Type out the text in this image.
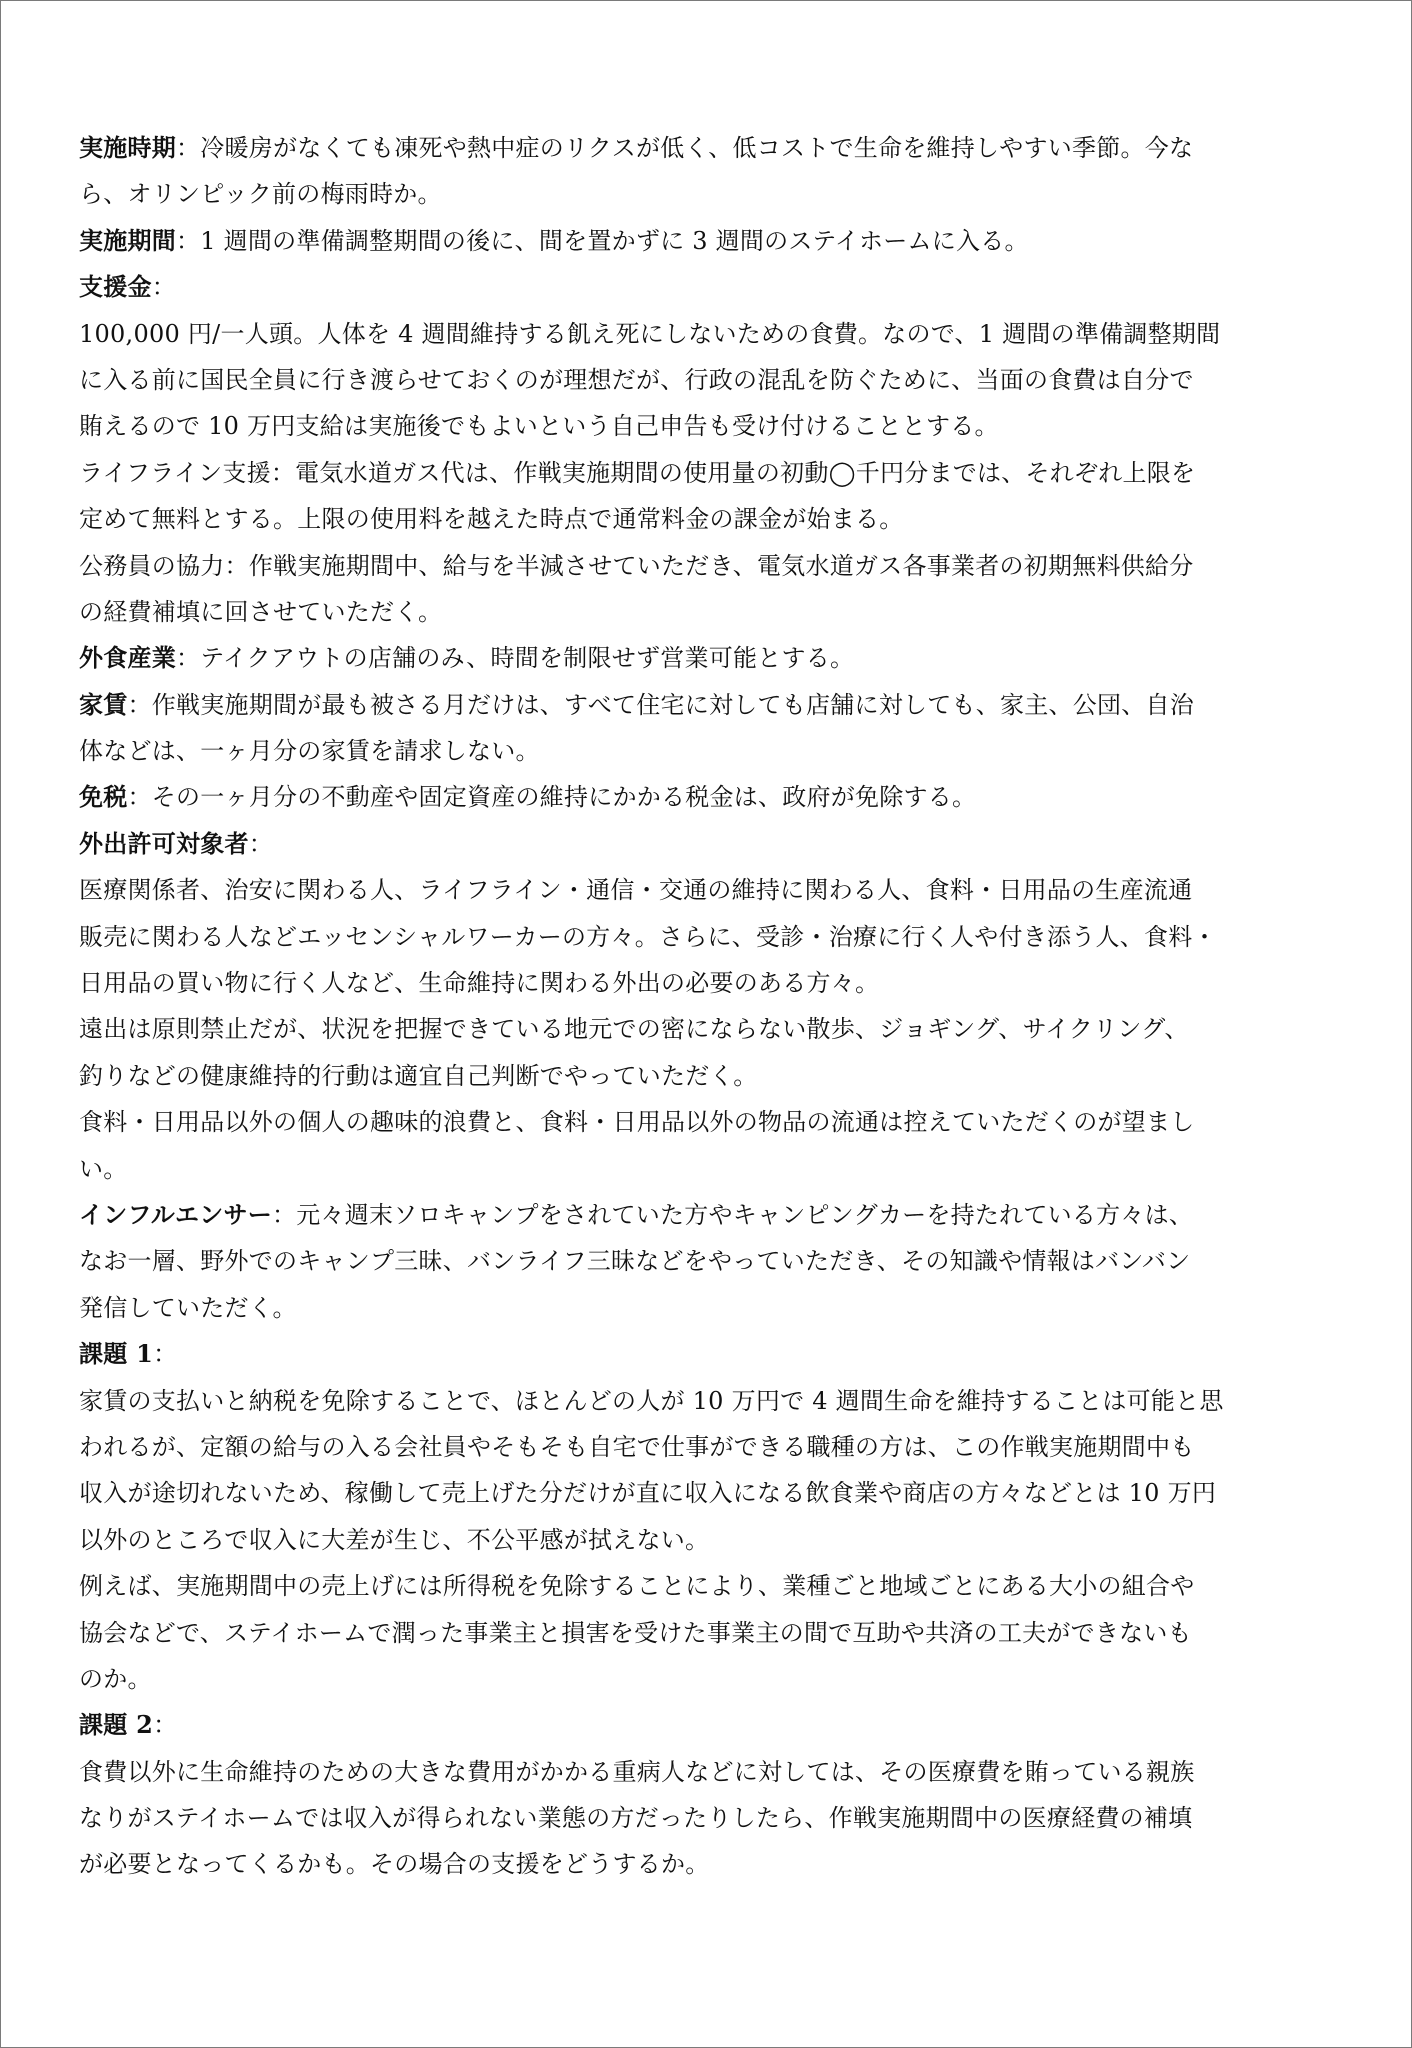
実施時期：冷暖房がなくても凍死や熱中症のリクスが低く、低コストで生命を維持しやすい季節。今な

ら、オリンピック前の梅雨時か。

実施期間：1 週間の準備調整期間の後に、間を置かずに 3 週間のステイホームに入る。

支援金：

100,000 円/一人頭。人体を 4 週間維持する飢え死にしないための食費。なので、1 週間の準備調整期間

に入る前に国民全員に行き渡らせておくのが理想だが、行政の混乱を防ぐために、当面の食費は自分で

賄えるので 10 万円支給は実施後でもよいという自己申告も受け付けることとする。

ライフライン支援：電気水道ガス代は、作戦実施期間の使用量の初動◯千円分までは、それぞれ上限を

定めて無料とする。上限の使用料を越えた時点で通常料金の課金が始まる。

公務員の協力：作戦実施期間中、給与を半減させていただき、電気水道ガス各事業者の初期無料供給分

の経費補填に回させていただく。

外食産業：テイクアウトの店舗のみ、時間を制限せず営業可能とする。

家賃：作戦実施期間が最も被さる月だけは、すべて住宅に対しても店舗に対しても、家主、公団、自治

体などは、一ヶ月分の家賃を請求しない。

免税：その一ヶ月分の不動産や固定資産の維持にかかる税金は、政府が免除する。

外出許可対象者：

医療関係者、治安に関わる人、ライフライン・通信・交通の維持に関わる人、食料・日用品の生産流通

販売に関わる人などエッセンシャルワーカーの方々。さらに、受診・治療に行く人や付き添う人、食料・

日用品の買い物に行く人など、生命維持に関わる外出の必要のある方々。

遠出は原則禁止だが、状況を把握できている地元での密にならない散歩、ジョギング、サイクリング、

釣りなどの健康維持的行動は適宜自己判断でやっていただく。

食料・日用品以外の個人の趣味的浪費と、食料・日用品以外の物品の流通は控えていただくのが望まし

い。

インフルエンサー：元々週末ソロキャンプをされていた方やキャンピングカーを持たれている方々は、

なお一層、野外でのキャンプ三昧、バンライフ三昧などをやっていただき、その知識や情報はバンバン

発信していただく。

課題 1：

家賃の支払いと納税を免除することで、ほとんどの人が 10 万円で 4 週間生命を維持することは可能と思

われるが、定額の給与の入る会社員やそもそも自宅で仕事ができる職種の方は、この作戦実施期間中も

収入が途切れないため、稼働して売上げた分だけが直に収入になる飲食業や商店の方々などとは 10 万円

以外のところで収入に大差が生じ、不公平感が拭えない。

例えば、実施期間中の売上げには所得税を免除することにより、業種ごと地域ごとにある大小の組合や

協会などで、ステイホームで潤った事業主と損害を受けた事業主の間で互助や共済の工夫ができないも

のか。

課題 2：

食費以外に生命維持のための大きな費用がかかる重病人などに対しては、その医療費を賄っている親族

なりがステイホームでは収入が得られない業態の方だったりしたら、作戦実施期間中の医療経費の補填

が必要となってくるかも。その場合の支援をどうするか。
